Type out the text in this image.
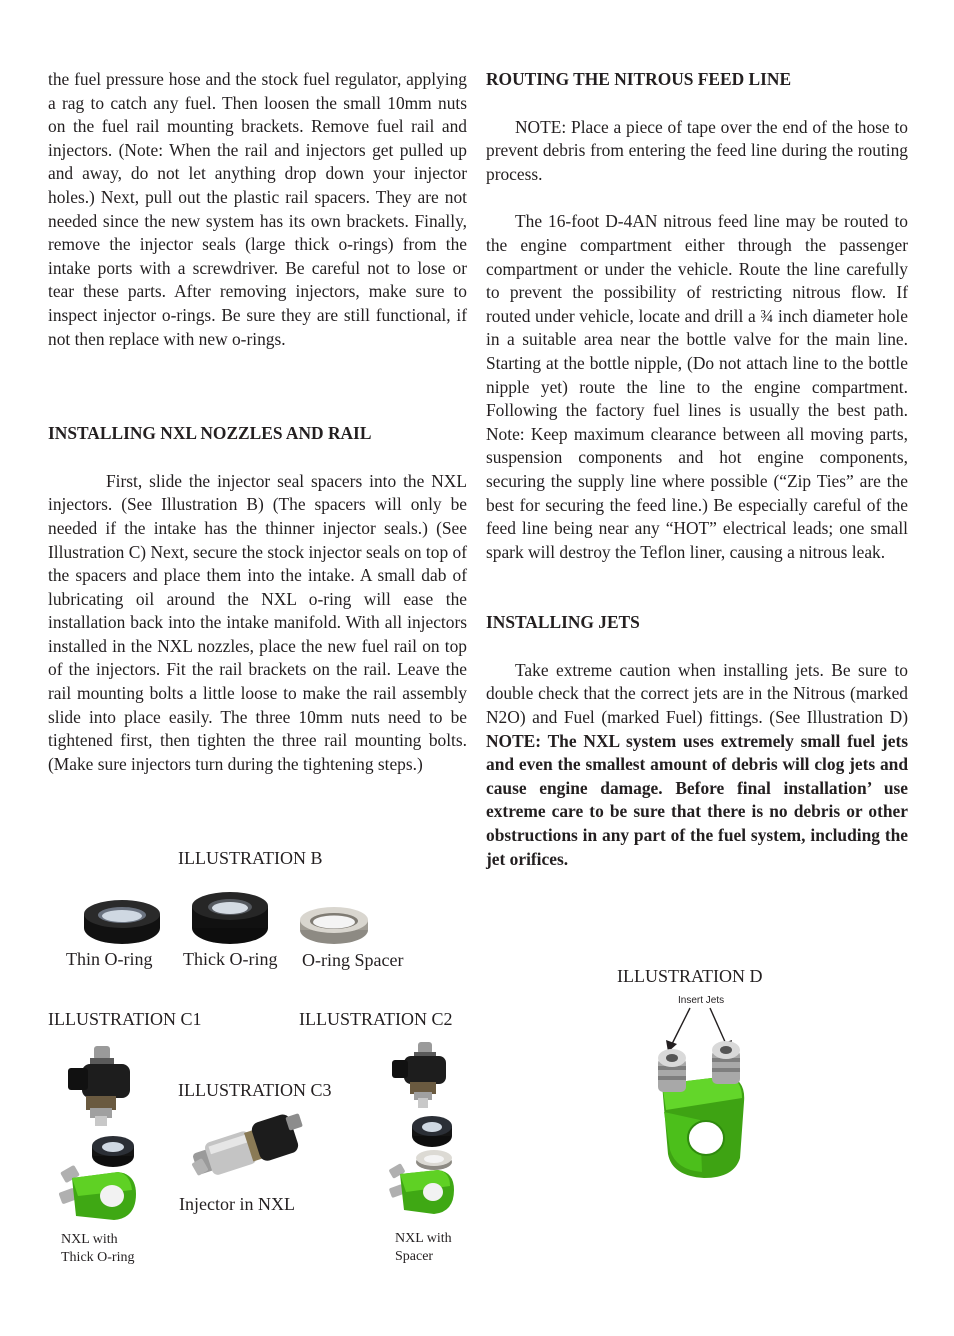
the fuel pressure hose and the stock fuel regulator, applying a rag to catch any fuel. Then loosen the small 10mm nuts on the fuel rail mounting brackets. Remove fuel rail and injectors. (Note: When the rail and injectors get pulled up and away, do not let anything drop down your injector holes.) Next, pull out the plastic rail spacers. They are not needed since the new system has its own brackets. Finally, remove the injector seals (large thick o-rings) from the intake ports with a screwdriver. Be careful not to lose or tear these parts. After removing injectors, make sure to inspect injector o-rings. Be sure they are still functional, if not then replace with new o-rings.

INSTALLING NXL NOZZLES AND RAIL

First, slide the injector seal spacers into the NXL injectors. (See Illustration B) (The spacers will only be needed if the intake has the thinner injector seals.) (See Illustration C) Next, secure the stock injector seals on top of the spacers and place them into the intake. A small dab of lubricating oil around the NXL o-ring will ease the installation back into the intake manifold. With all injectors installed in the NXL nozzles, place the new fuel rail on top of the injectors. Fit the rail brackets on the rail. Leave the rail mounting bolts a little loose to make the rail assembly slide into place easily. The three 10mm nuts need to be tightened first, then tighten the three rail mounting bolts. (Make sure injectors turn during the tightening steps.)

ROUTING THE NITROUS FEED LINE

NOTE: Place a piece of tape over the end of the hose to prevent debris from entering the feed line during the routing process.

The 16-foot D-4AN nitrous feed line may be routed to the engine compartment either through the passenger compartment or under the vehicle. Route the line carefully to prevent the possibility of restricting nitrous flow. If routed under vehicle, locate and drill a ¾ inch diameter hole in a suitable area near the bottle valve for the main line. Starting at the bottle nipple, (Do not attach line to the bottle nipple yet) route the line to the engine compartment. Following the factory fuel lines is usually the best path. Note: Keep maximum clearance between all moving parts, suspension components and hot engine components, securing the supply line where possible (“Zip Ties” are the best for securing the feed line.) Be especially careful of the feed line being near any “HOT” electrical leads; one small spark will destroy the Teflon liner, causing a nitrous leak.

INSTALLING JETS

Take extreme caution when installing jets. Be sure to double check that the correct jets are in the Nitrous (marked N2O) and Fuel (marked Fuel) fittings. (See Illustration D) NOTE: The NXL system uses extremely small fuel jets and even the smallest amount of debris will clog jets and cause engine damage. Before final installation’ use extreme care to be sure that there is no debris or other obstructions in any part of the fuel system, including the jet orifices.

ILLUSTRATION B
Thin O-ring Thick O-ring O-ring Spacer
ILLUSTRATION C1	ILLUSTRATION C2
ILLUSTRATION C3
Injector in NXL
NXL with
Thick O-ring
NXL with
Spacer
ILLUSTRATION D
Insert Jets
